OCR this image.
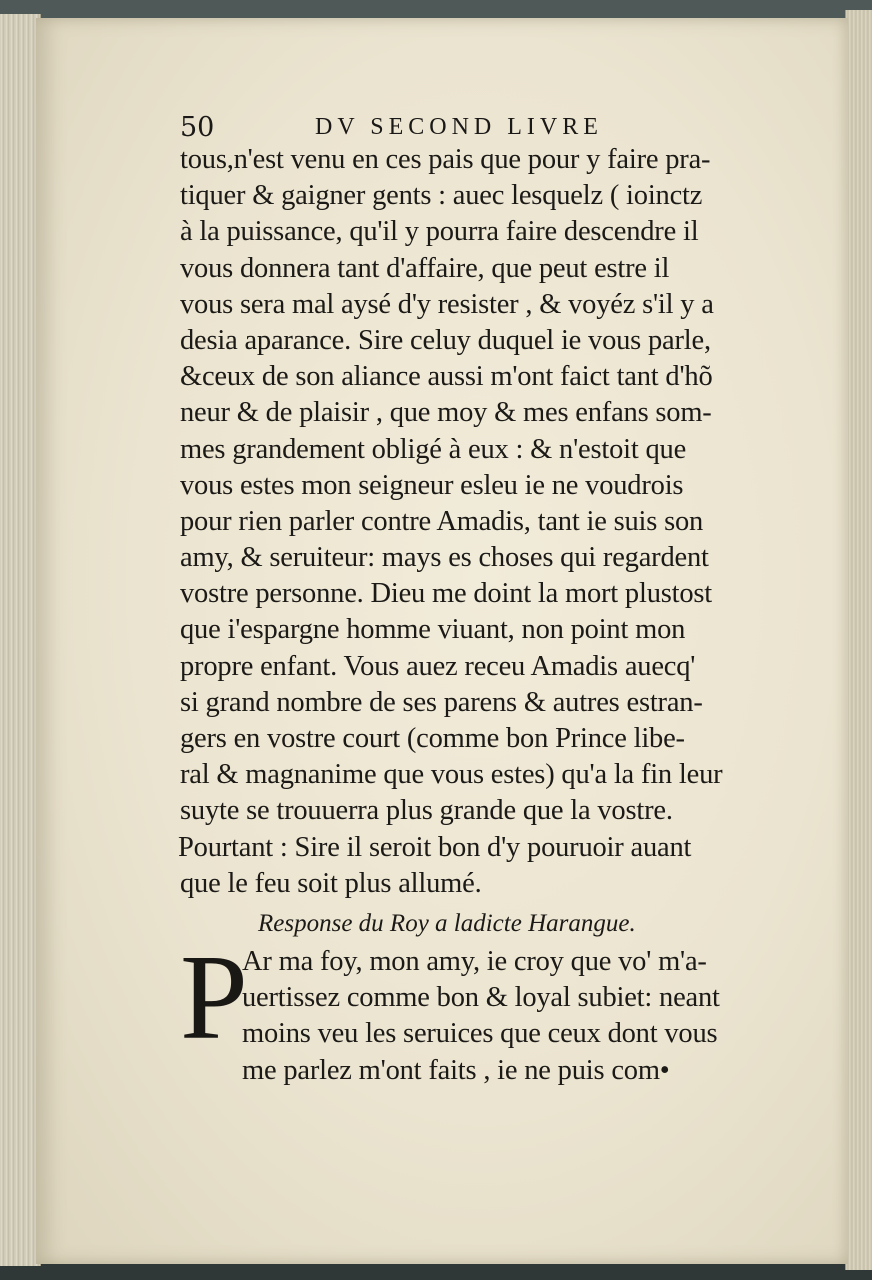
50	DV SECOND LIVRE
tous,n'est venu en ces pais que pour y faire pra-
tiquer & gaigner gents : auec lesquelz ( ioinctz
à la puissance, qu'il y pourra faire descendre il
vous donnera tant d'affaire, que peut estre il
vous sera mal aysé d'y resister , & voyéz s'il y a
desia aparance. Sire celuy duquel ie vous parle,
&ceux de son aliance aussi m'ont faict tant d'hõ
neur & de plaisir , que moy & mes enfans som-
mes grandement obligé à eux : & n'estoit que
vous estes mon seigneur esleu ie ne voudrois
pour rien parler contre Amadis, tant ie suis son
amy, & seruiteur: mays es choses qui regardent
vostre personne. Dieu me doint la mort plustost
que i'espargne homme viuant, non point mon
propre enfant. Vous auez receu Amadis auecq'
si grand nombre de ses parens & autres estran-
gers en vostre court (comme bon Prince libe-
ral & magnanime que vous estes) qu'a la fin leur
suyte se trouuerra plus grande que la vostre.
Pourtant : Sire il seroit bon d'y pouruoir auant
que le feu soit plus allumé.
Response du Roy a ladicte Harangue.
P
Ar ma foy, mon amy, ie croy que vo' m'a-
uertissez comme bon & loyal subiet: neant
moins veu les seruices que ceux dont vous
me parlez m'ont faits , ie ne puis com•
